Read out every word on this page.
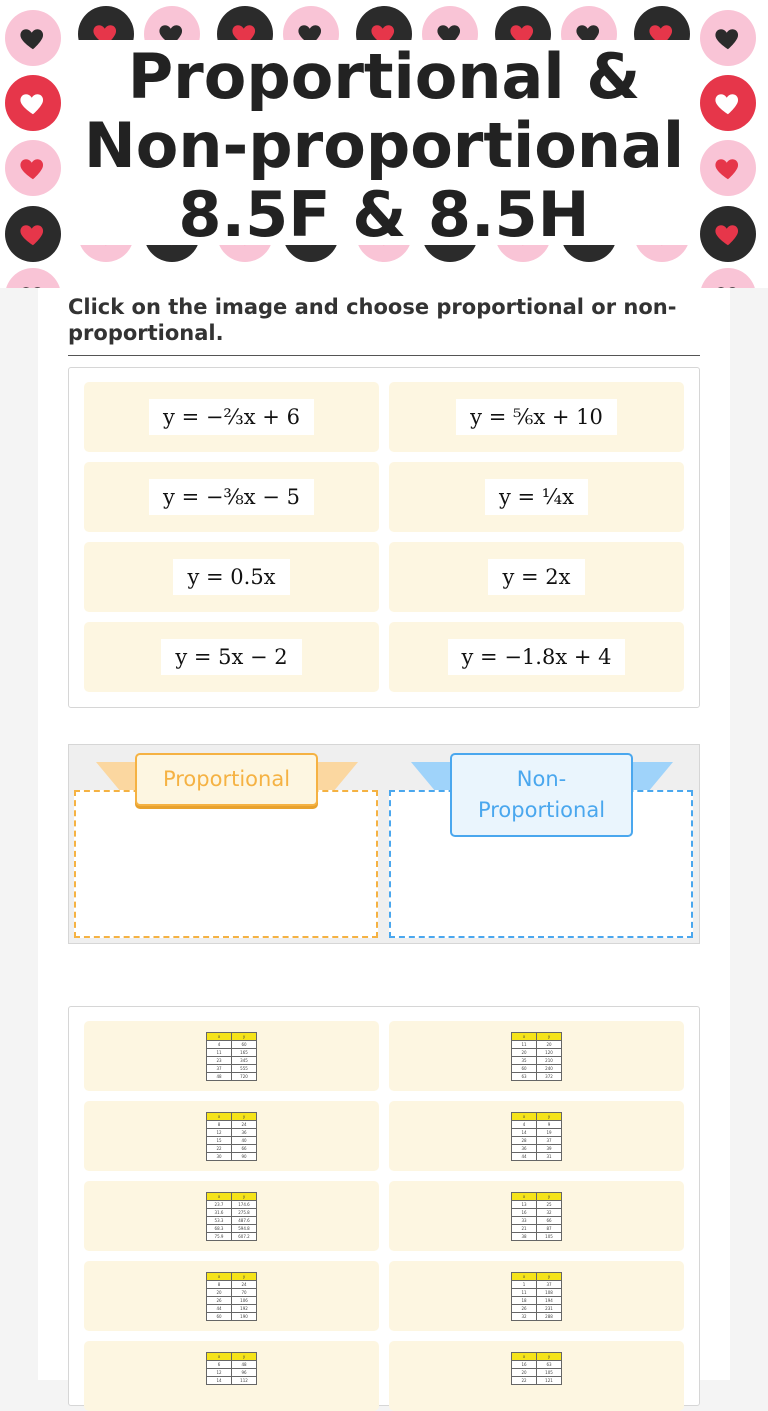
Proportional &
Non-proportional
8.5F & 8.5H

Click on the image and choose proportional or non-proportional.

y = −⅔x + 6	y = ⅚x + 10
y = −⅜x − 5	y = ¼x
y = 0.5x	y = 2x
y = 5x − 2	y = −1.8x + 4
Proportional	Non-Proportional
x	y
4	60
11	165
23	345
37	555
48	720
x	y
11	20
20	120
35	210
60	240
63	372
x	y
8	24
12	36
15	40
22	66
30	90
x	y
4	9
14	19
28	37
36	39
44	31
x	y
23.7	174.6
31.6	275.8
53.3	487.6
68.3	594.8
75.9	607.2
x	y
13	25
16	32
33	66
21	87
38	105
x	y
8	24
20	70
26	106
44	192
60	190
x	y
1	37
11	108
18	194
26	231
32	288
x	y
6	48
12	96
14	112
x	y
16	63
20	105
22	121
